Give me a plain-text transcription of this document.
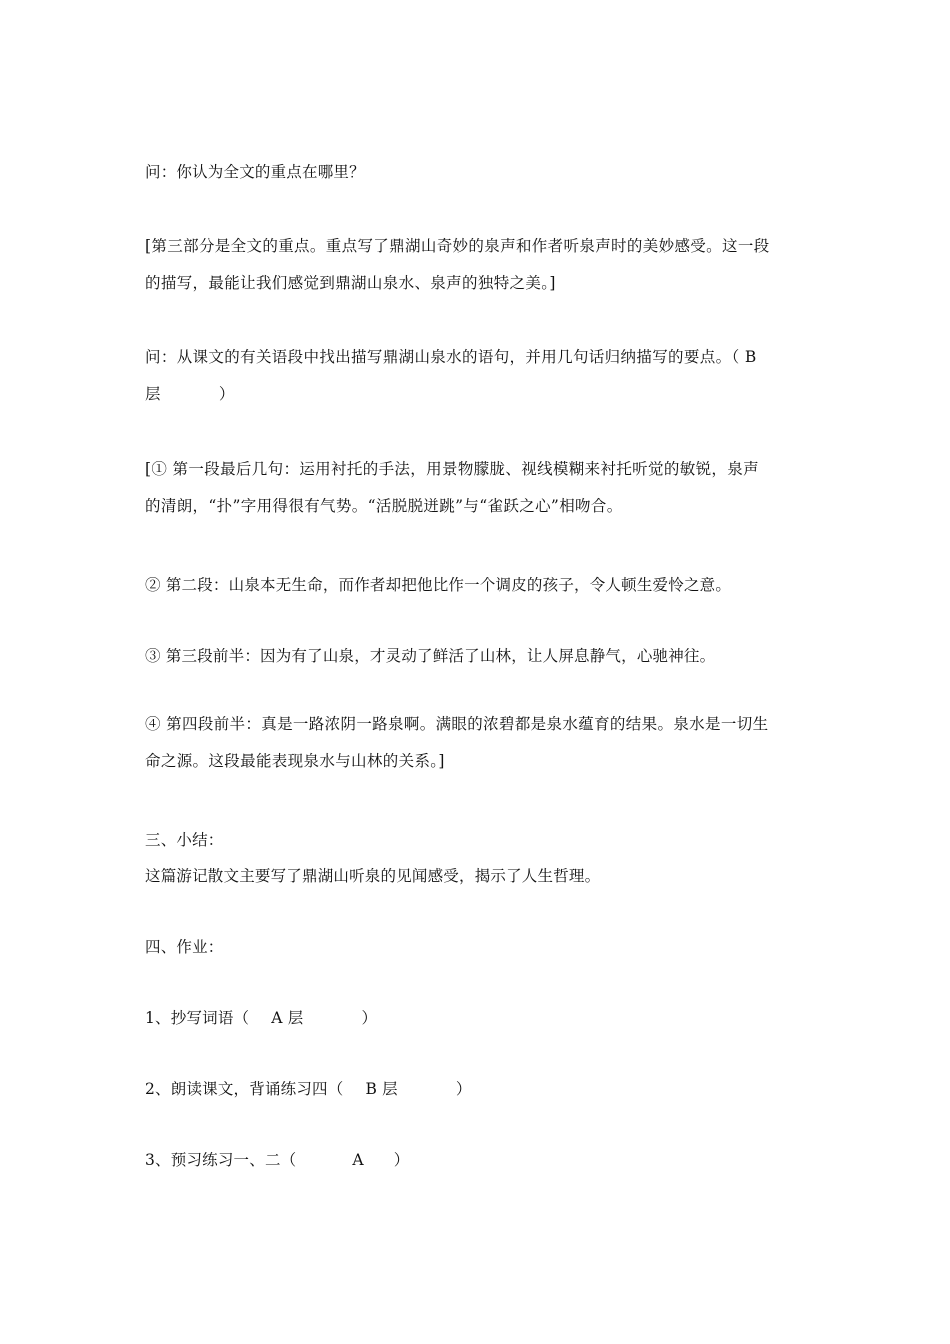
问：你认为全文的重点在哪里？
[第三部分是全文的重点。重点写了鼎湖山奇妙的泉声和作者听泉声时的美妙感受。这一段
的描写，最能让我们感觉到鼎湖山泉水、泉声的独特之美。]
问：从课文的有关语段中找出描写鼎湖山泉水的语句，并用几句话归纳描写的要点。（ B
层	）
[① 第一段最后几句：运用衬托的手法，用景物朦胧、视线模糊来衬托听觉的敏锐，泉声
的清朗，“扑”字用得很有气势。“活脱脱迸跳”与“雀跃之心”相吻合。
② 第二段：山泉本无生命，而作者却把他比作一个调皮的孩子，令人顿生爱怜之意。
③ 第三段前半：因为有了山泉，才灵动了鲜活了山林，让人屏息静气，心驰神往。
④ 第四段前半：真是一路浓阴一路泉啊。满眼的浓碧都是泉水蕴育的结果。泉水是一切生
命之源。这段最能表现泉水与山林的关系。]
三、小结：
这篇游记散文主要写了鼎湖山听泉的见闻感受，揭示了人生哲理。
四、作业：
1、抄写词语（ A 层	）
2、朗读课文，背诵练习四（ B 层	）
3、预习练习一、二（	A ）
